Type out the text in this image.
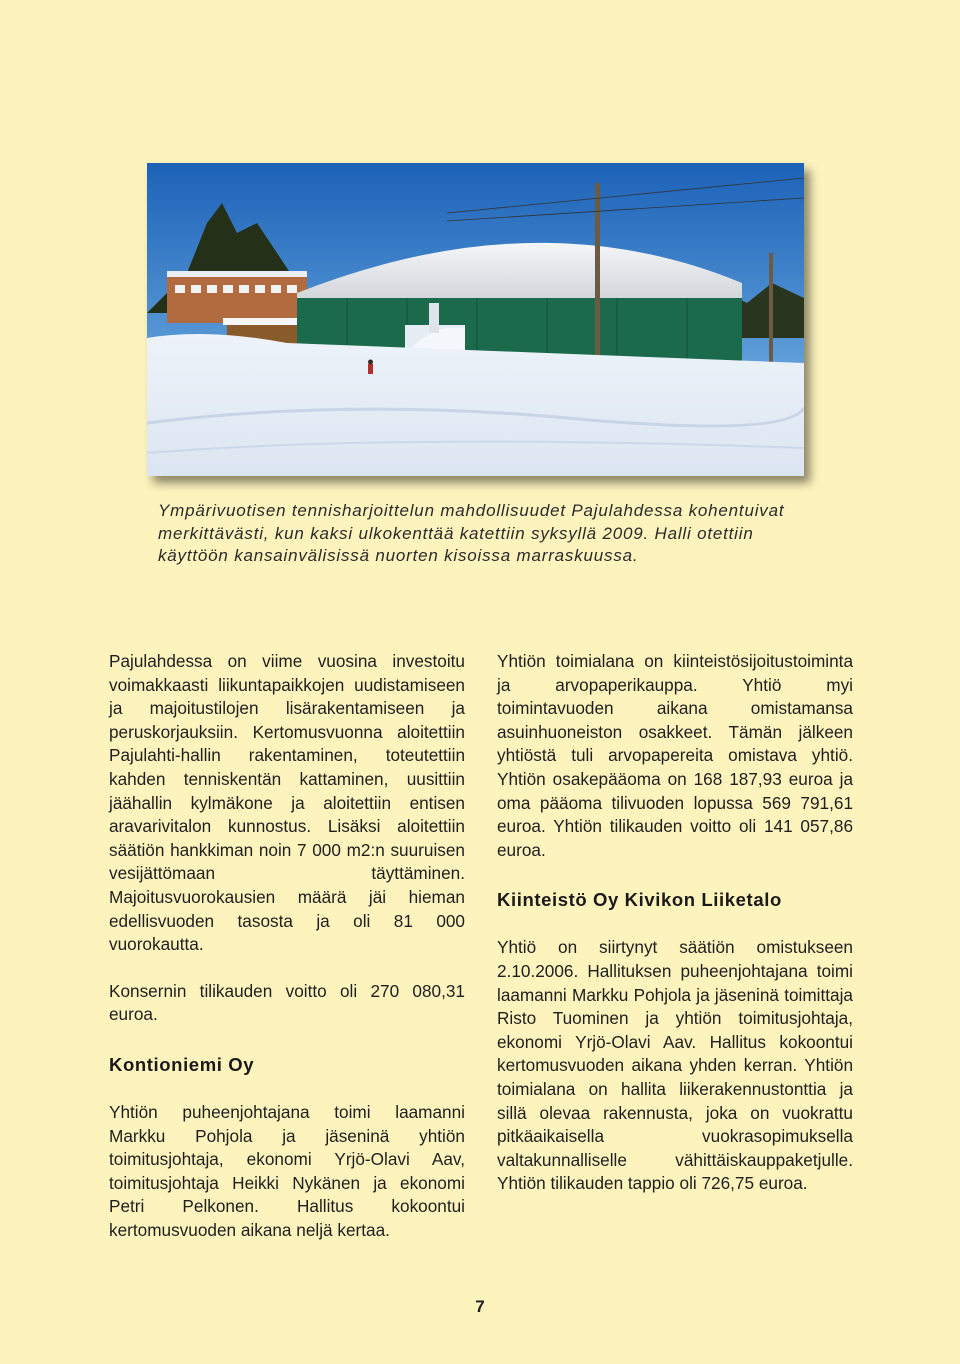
Ympärivuotisen tennisharjoittelun mahdollisuudet Pajulahdessa kohentuivat merkittävästi, kun kaksi ulkokenttää katettiin syksyllä 2009. Halli otettiin käyttöön kansainvälisissä nuorten kisoissa marraskuussa.

Pajulahdessa on viime vuosina investoitu voimakkaasti liikuntapaikkojen uudistamiseen ja majoitustilojen lisärakentamiseen ja peruskorjauksiin. Kertomusvuonna aloitettiin Pajulahti-hallin rakentaminen, toteutettiin kahden tenniskentän kattaminen, uusittiin jäähallin kylmäkone ja aloitettiin entisen aravarivitalon kunnostus. Lisäksi aloitettiin säätiön hankkiman noin 7 000 m2:n suuruisen vesijättömaan täyttäminen. Majoitusvuorokausien määrä jäi hieman edellisvuoden tasosta ja oli 81 000 vuorokautta.

Konsernin tilikauden voitto oli 270 080,31 euroa.

Kontioniemi Oy

Yhtiön puheenjohtajana toimi laamanni Markku Pohjola ja jäseninä yhtiön toimitusjohtaja, ekonomi Yrjö-Olavi Aav, toimitusjohtaja Heikki Nykänen ja ekonomi Petri Pelkonen. Hallitus kokoontui kertomusvuoden aikana neljä kertaa.

Yhtiön toimialana on kiinteistösijoitustoiminta ja arvopaperikauppa. Yhtiö myi toimintavuoden aikana omistamansa asuinhuoneiston osakkeet. Tämän jälkeen yhtiöstä tuli arvopapereita omistava yhtiö. Yhtiön osakepääoma on 168 187,93 euroa ja oma pääoma tilivuoden lopussa 569 791,61 euroa. Yhtiön tilikauden voitto oli 141 057,86 euroa.

Kiinteistö Oy Kivikon Liiketalo

Yhtiö on siirtynyt säätiön omistukseen 2.10.2006. Hallituksen puheenjohtajana toimi laamanni Markku Pohjola ja jäseninä toimittaja Risto Tuominen ja yhtiön toimitusjohtaja, ekonomi Yrjö-Olavi Aav. Hallitus kokoontui kertomusvuoden aikana yhden kerran. Yhtiön toimialana on hallita liikerakennustonttia ja sillä olevaa rakennusta, joka on vuokrattu pitkäaikaisella vuokrasopimuksella valtakunnalliselle vähittäiskauppaketjulle. Yhtiön tilikauden tappio oli 726,75 euroa.

7
